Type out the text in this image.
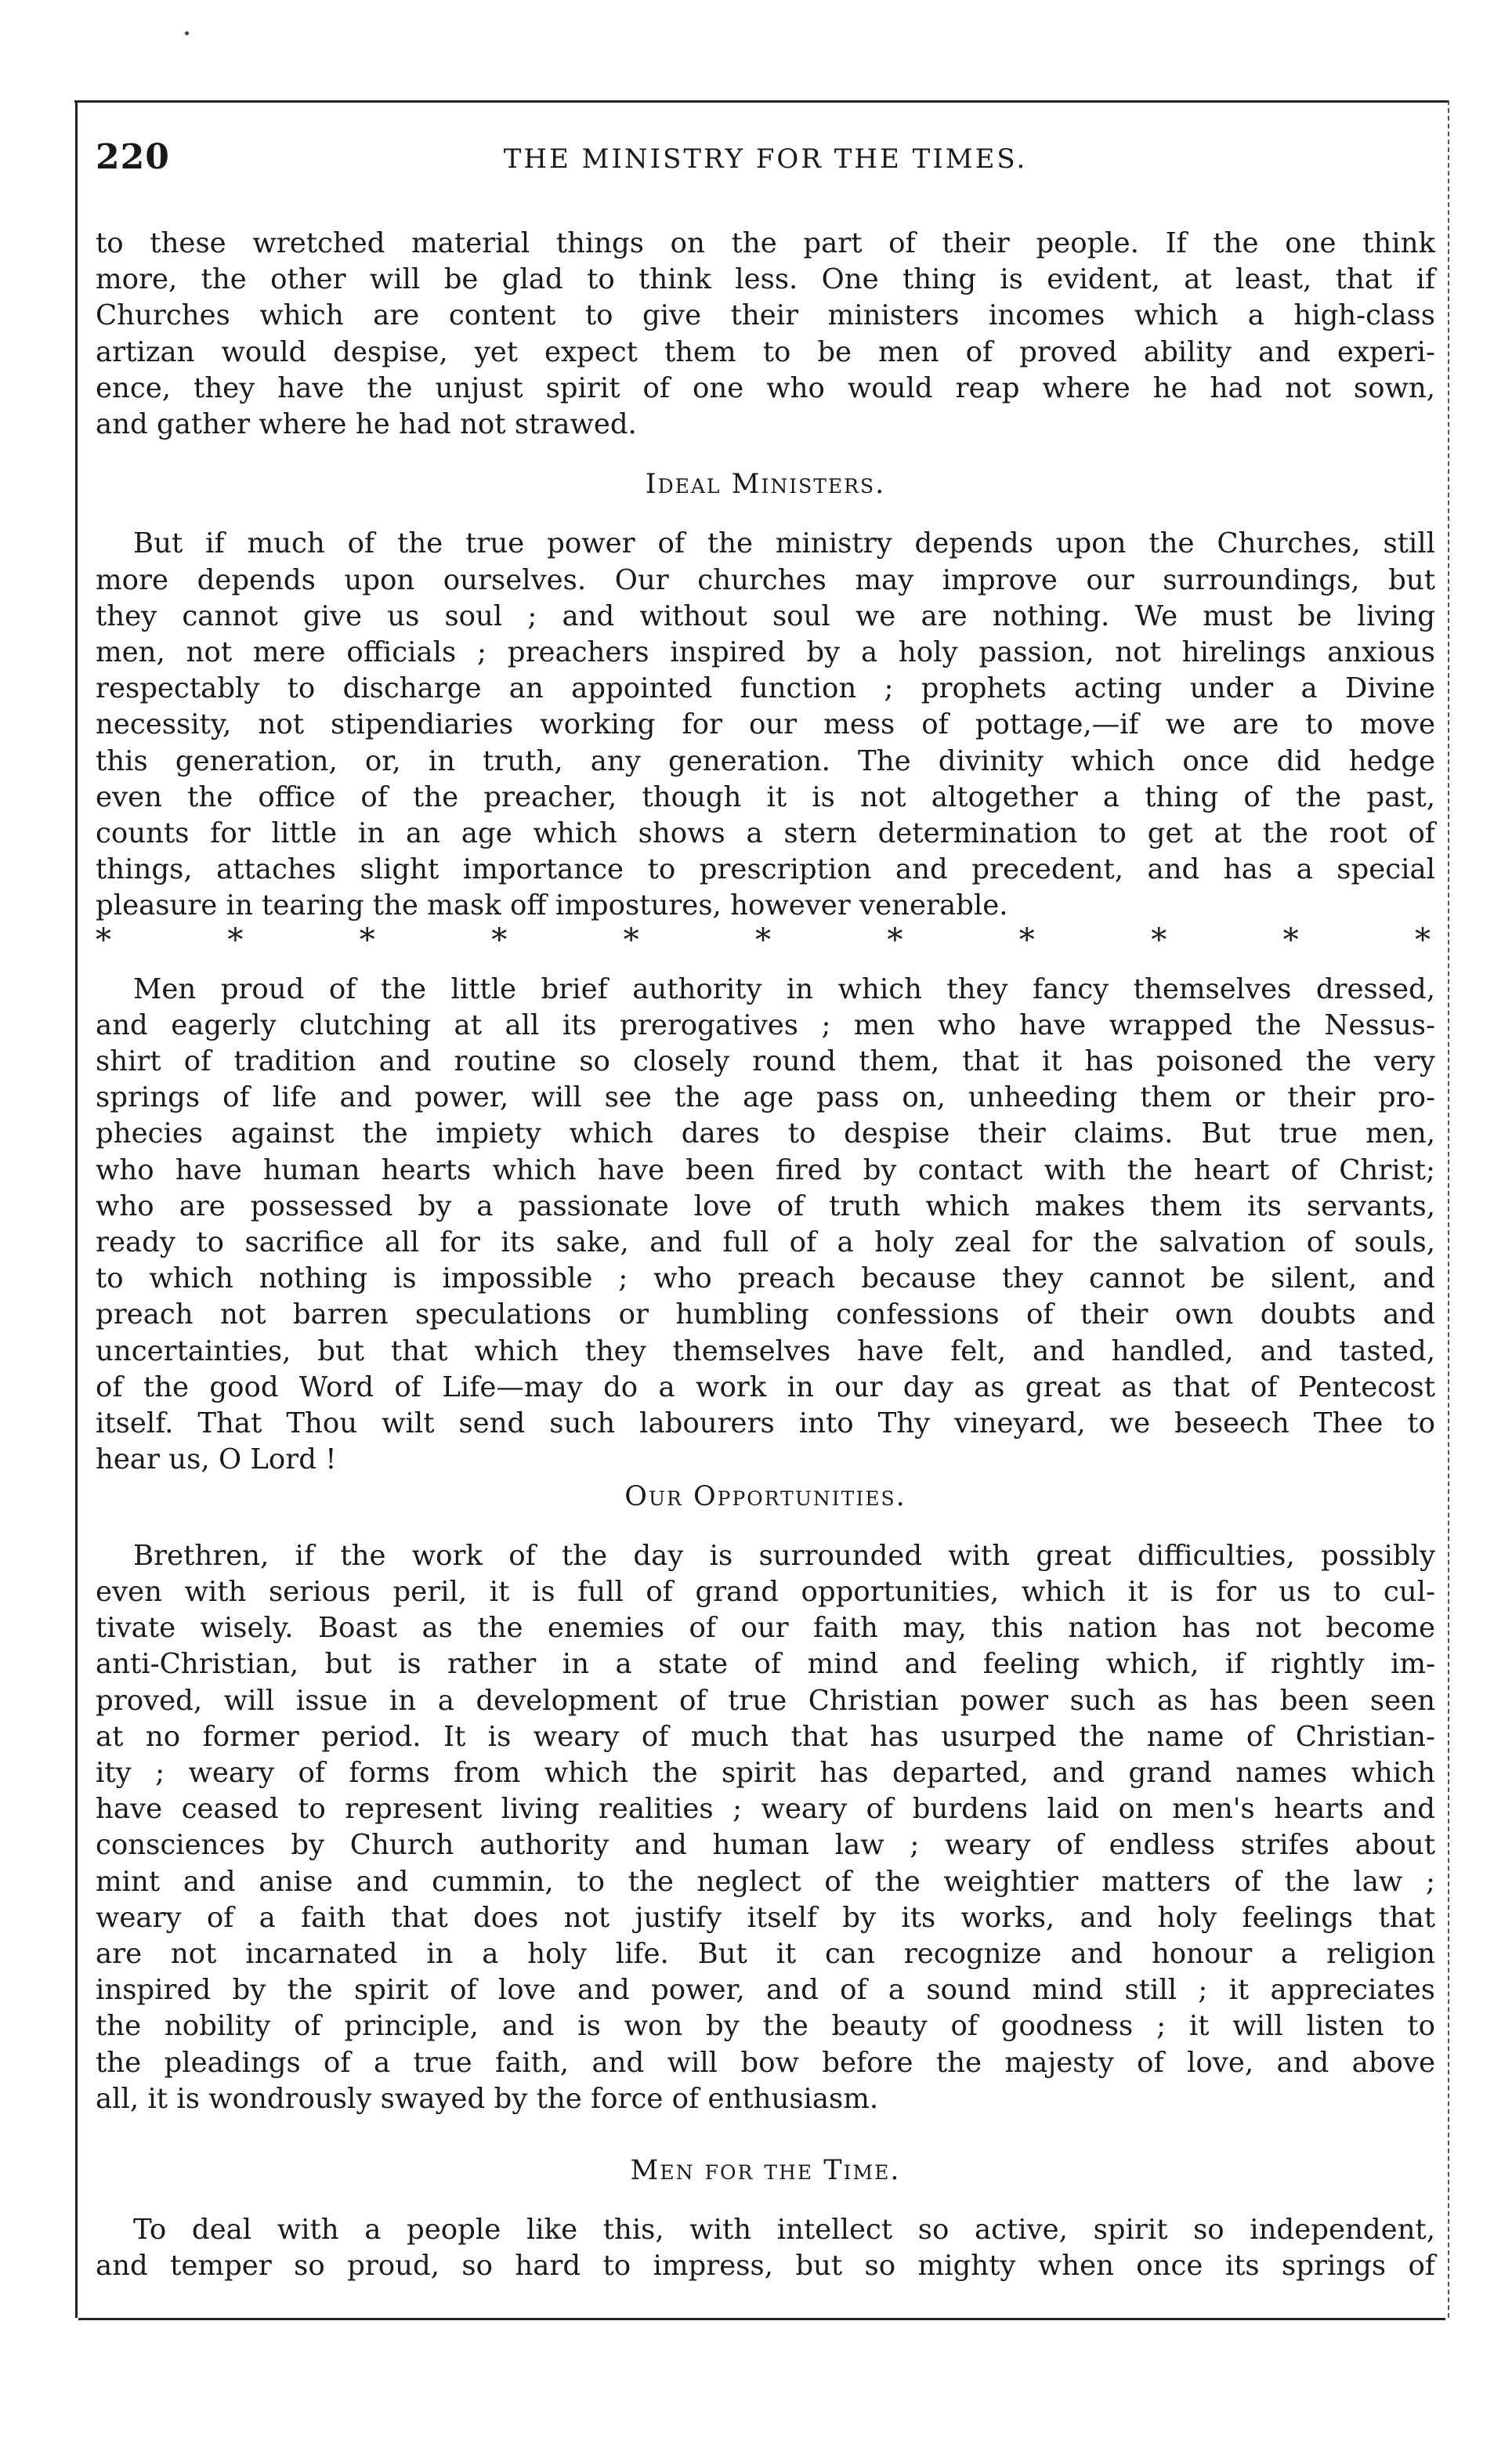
220	THE MINISTRY FOR THE TIMES.
to these wretched material things on the part of their people. If the one think
more, the other will be glad to think less. One thing is evident, at least, that if
Churches which are content to give their ministers incomes which a high-class
artizan would despise, yet expect them to be men of proved ability and experi-
ence, they have the unjust spirit of one who would reap where he had not sown,
and gather where he had not strawed.
Ideal Ministers.
But if much of the true power of the ministry depends upon the Churches, still
more depends upon ourselves. Our churches may improve our surroundings, but
they cannot give us soul ; and without soul we are nothing. We must be living
men, not mere officials ; preachers inspired by a holy passion, not hirelings anxious
respectably to discharge an appointed function ; prophets acting under a Divine
necessity, not stipendiaries working for our mess of pottage,—if we are to move
this generation, or, in truth, any generation. The divinity which once did hedge
even the office of the preacher, though it is not altogether a thing of the past,
counts for little in an age which shows a stern determination to get at the root of
things, attaches slight importance to prescription and precedent, and has a special
pleasure in tearing the mask off impostures, however venerable.
* * * * * * * * * * *
Men proud of the little brief authority in which they fancy themselves dressed,
and eagerly clutching at all its prerogatives ; men who have wrapped the Nessus-
shirt of tradition and routine so closely round them, that it has poisoned the very
springs of life and power, will see the age pass on, unheeding them or their pro-
phecies against the impiety which dares to despise their claims. But true men,
who have human hearts which have been fired by contact with the heart of Christ;
who are possessed by a passionate love of truth which makes them its servants,
ready to sacrifice all for its sake, and full of a holy zeal for the salvation of souls,
to which nothing is impossible ; who preach because they cannot be silent, and
preach not barren speculations or humbling confessions of their own doubts and
uncertainties, but that which they themselves have felt, and handled, and tasted,
of the good Word of Life—may do a work in our day as great as that of Pentecost
itself. That Thou wilt send such labourers into Thy vineyard, we beseech Thee to
hear us, O Lord !
Our Opportunities.
Brethren, if the work of the day is surrounded with great difficulties, possibly
even with serious peril, it is full of grand opportunities, which it is for us to cul-
tivate wisely. Boast as the enemies of our faith may, this nation has not become
anti-Christian, but is rather in a state of mind and feeling which, if rightly im-
proved, will issue in a development of true Christian power such as has been seen
at no former period. It is weary of much that has usurped the name of Christian-
ity ; weary of forms from which the spirit has departed, and grand names which
have ceased to represent living realities ; weary of burdens laid on men's hearts and
consciences by Church authority and human law ; weary of endless strifes about
mint and anise and cummin, to the neglect of the weightier matters of the law ;
weary of a faith that does not justify itself by its works, and holy feelings that
are not incarnated in a holy life. But it can recognize and honour a religion
inspired by the spirit of love and power, and of a sound mind still ; it appreciates
the nobility of principle, and is won by the beauty of goodness ; it will listen to
the pleadings of a true faith, and will bow before the majesty of love, and above
all, it is wondrously swayed by the force of enthusiasm.
Men for the Time.
To deal with a people like this, with intellect so active, spirit so independent,
and temper so proud, so hard to impress, but so mighty when once its springs of
